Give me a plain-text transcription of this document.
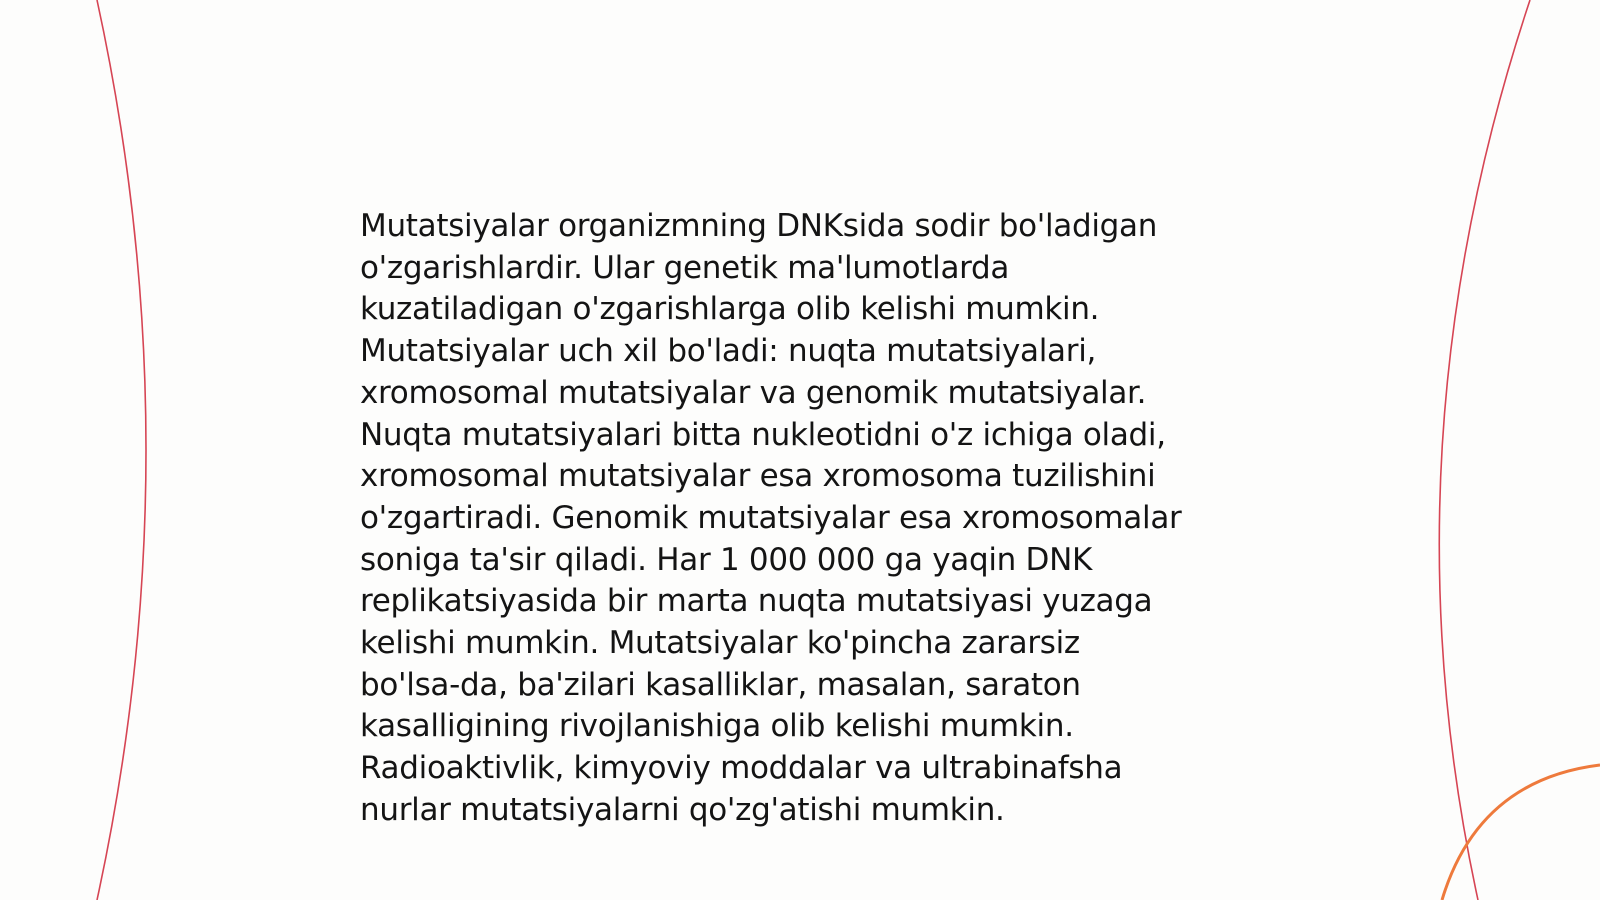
Mutatsiyalar organizmning DNKsida sodir bo'ladigan
o'zgarishlardir. Ular genetik ma'lumotlarda
kuzatiladigan o'zgarishlarga olib kelishi mumkin.
Mutatsiyalar uch xil bo'ladi: nuqta mutatsiyalari,
xromosomal mutatsiyalar va genomik mutatsiyalar.
Nuqta mutatsiyalari bitta nukleotidni o'z ichiga oladi,
xromosomal mutatsiyalar esa xromosoma tuzilishini
o'zgartiradi. Genomik mutatsiyalar esa xromosomalar
soniga ta'sir qiladi. Har 1 000 000 ga yaqin DNK
replikatsiyasida bir marta nuqta mutatsiyasi yuzaga
kelishi mumkin. Mutatsiyalar ko'pincha zararsiz
bo'lsa-da, ba'zilari kasalliklar, masalan, saraton
kasalligining rivojlanishiga olib kelishi mumkin.
Radioaktivlik, kimyoviy moddalar va ultrabinafsha
nurlar mutatsiyalarni qo'zg'atishi mumkin.
